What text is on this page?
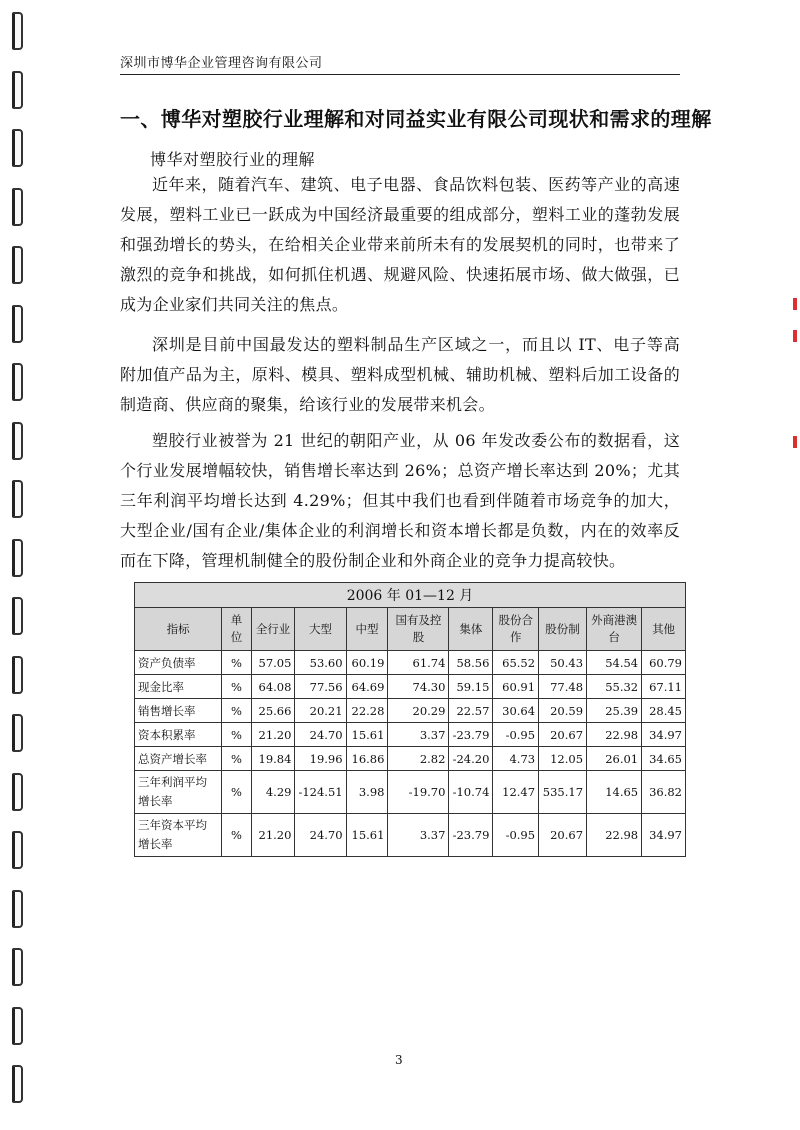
深圳市博华企业管理咨询有限公司
一、博华对塑胶行业理解和对同益实业有限公司现状和需求的理解
博华对塑胶行业的理解

近年来，随着汽车、建筑、电子电器、食品饮料包装、医药等产业的高速发展，塑料工业已一跃成为中国经济最重要的组成部分，塑料工业的蓬勃发展和强劲增长的势头，在给相关企业带来前所未有的发展契机的同时，也带来了激烈的竞争和挑战，如何抓住机遇、规避风险、快速拓展市场、做大做强，已成为企业家们共同关注的焦点。

深圳是目前中国最发达的塑料制品生产区域之一，而且以 IT、电子等高附加值产品为主，原料、模具、塑料成型机械、辅助机械、塑料后加工设备的制造商、供应商的聚集，给该行业的发展带来机会。

塑胶行业被誉为 21 世纪的朝阳产业，从 06 年发改委公布的数据看，这个行业发展增幅较快，销售增长率达到 26%；总资产增长率达到 20%；尤其三年利润平均增长达到 4.29%；但其中我们也看到伴随着市场竞争的加大，大型企业/国有企业/集体企业的利润增长和资本增长都是负数，内在的效率反而在下降，管理机制健全的股份制企业和外商企业的竞争力提高较快。

2006 年 01—12 月										
指标	单位	全行业	大型	中型	国有及控股	集体	股份合作	股份制	外商港澳台	其他
资产负债率	%	57.05	53.60	60.19	61.74	58.56	65.52	50.43	54.54	60.79
现金比率	%	64.08	77.56	64.69	74.30	59.15	60.91	77.48	55.32	67.11
销售增长率	%	25.66	20.21	22.28	20.29	22.57	30.64	20.59	25.39	28.45
资本积累率	%	21.20	24.70	15.61	3.37	-23.79	-0.95	20.67	22.98	34.97
总资产增长率	%	19.84	19.96	16.86	2.82	-24.20	4.73	12.05	26.01	34.65
三年利润平均增长率	%	4.29	-124.51	3.98	-19.70	-10.74	12.47	535.17	14.65	36.82
三年资本平均增长率	%	21.20	24.70	15.61	3.37	-23.79	-0.95	20.67	22.98	34.97
3
